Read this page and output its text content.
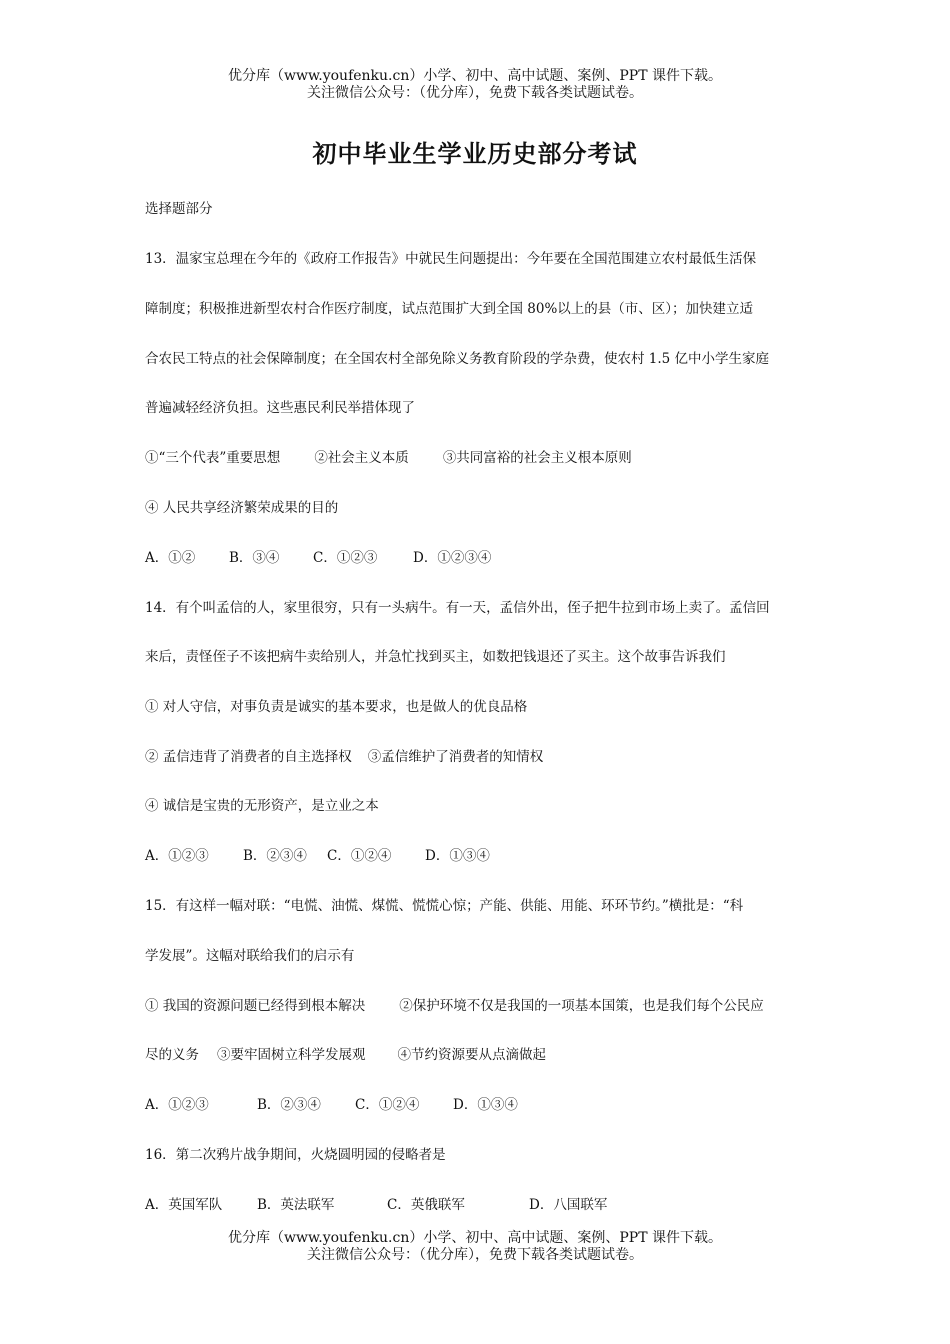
优分库（www.youfenku.cn）小学、初中、高中试题、案例、PPT 课件下载。
关注微信公众号：（优分库），免费下载各类试题试卷。
初中毕业生学业历史部分考试
选择题部分
13．温家宝总理在今年的《政府工作报告》中就民生问题提出：今年要在全国范围建立农村最低生活保
障制度；积极推进新型农村合作医疗制度，试点范围扩大到全国 80%以上的县（市、区）；加快建立适
合农民工特点的社会保障制度；在全国农村全部免除义务教育阶段的学杂费，使农村 1.5 亿中小学生家庭
普遍减轻经济负担。这些惠民利民举措体现了
①“三个代表”重要思想	②社会主义本质	③共同富裕的社会主义根本原则
④ 人民共享经济繁荣成果的目的
A．①②	B．③④ C．①②③	D．①②③④
14．有个叫孟信的人，家里很穷，只有一头病牛。有一天，孟信外出，侄子把牛拉到市场上卖了。孟信回
来后，责怪侄子不该把病牛卖给别人，并急忙找到买主，如数把钱退还了买主。这个故事告诉我们
① 对人守信，对事负责是诚实的基本要求，也是做人的优良品格
② 孟信违背了消费者的自主选择权 ③孟信维护了消费者的知情权
④ 诚信是宝贵的无形资产，是立业之本
A．①②③	B．②③④ C．①②④ D．①③④
15．有这样一幅对联：“电慌、油慌、煤慌、慌慌心惊；产能、供能、用能、环环节约。”横批是：“科
学发展”。这幅对联给我们的启示有
① 我国的资源问题已经得到根本解决	②保护环境不仅是我国的一项基本国策，也是我们每个公民应
尽的义务 ③要牢固树立科学发展观 ④节约资源要从点滴做起
A．①②③	B．②③④	C．①②④ D．①③④
16．第二次鸦片战争期间，火烧圆明园的侵略者是
A．英国军队	B．英法联军	C．英俄联军	D．八国联军
优分库（www.youfenku.cn）小学、初中、高中试题、案例、PPT 课件下载。
关注微信公众号：（优分库），免费下载各类试题试卷。
